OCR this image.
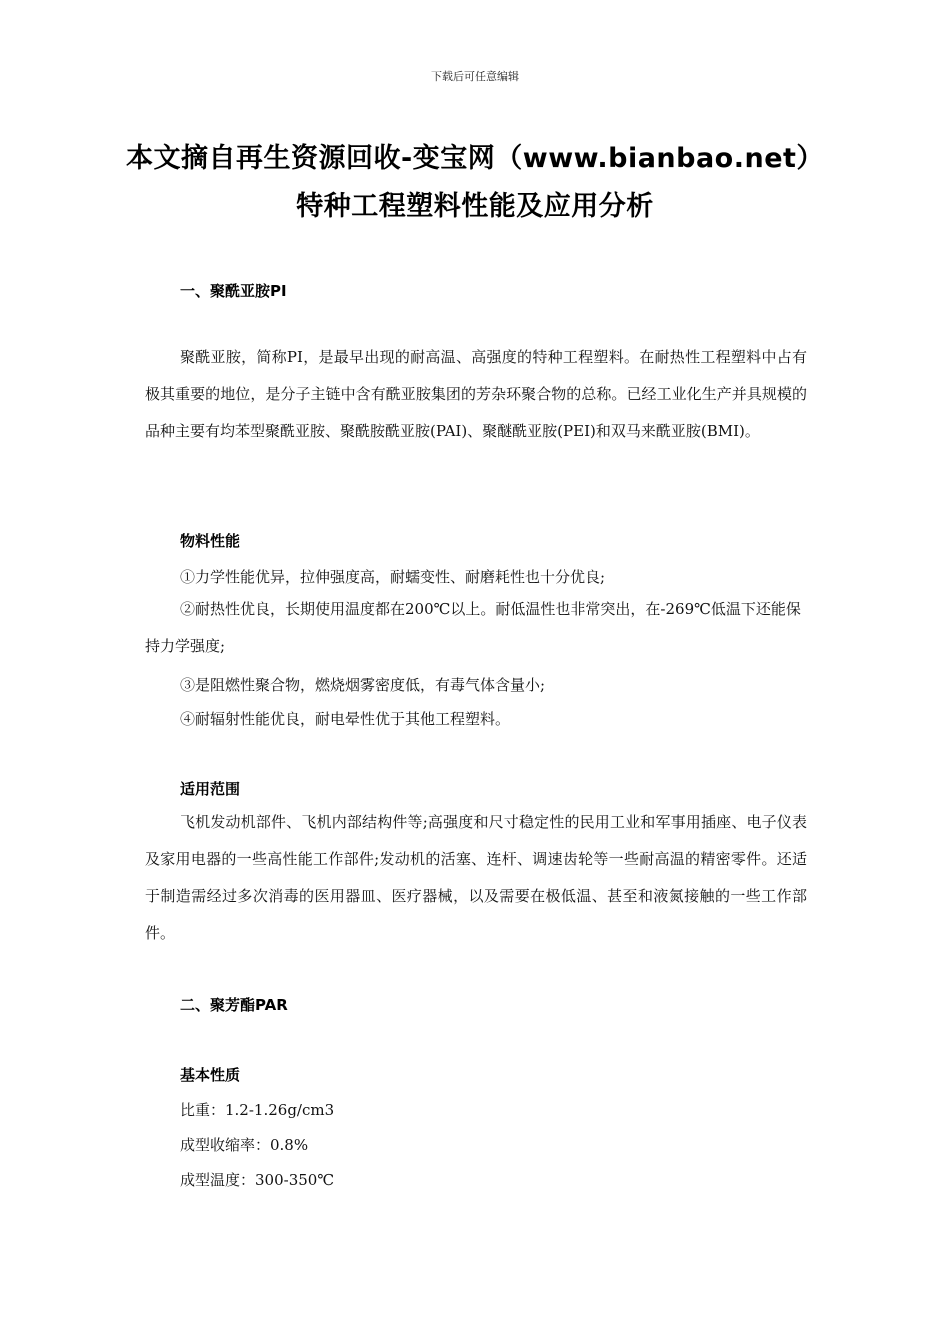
下载后可任意编辑
本文摘自再生资源回收-变宝网（www.bianbao.net）
特种工程塑料性能及应用分析
一、聚酰亚胺PI
聚酰亚胺，简称PI，是最早出现的耐高温、高强度的特种工程塑料。在耐热性工程塑料中占有极其重要的地位，是分子主链中含有酰亚胺集团的芳杂环聚合物的总称。已经工业化生产并具规模的品种主要有均苯型聚酰亚胺、聚酰胺酰亚胺(PAI)、聚醚酰亚胺(PEI)和双马来酰亚胺(BMI)。
物料性能
①力学性能优异，拉伸强度高，耐蠕变性、耐磨耗性也十分优良;
②耐热性优良，长期使用温度都在200℃以上。耐低温性也非常突出，在-269℃低温下还能保持力学强度;
③是阻燃性聚合物，燃烧烟雾密度低，有毒气体含量小;
④耐辐射性能优良，耐电晕性优于其他工程塑料。
适用范围
飞机发动机部件、飞机内部结构件等;高强度和尺寸稳定性的民用工业和军事用插座、电子仪表及家用电器的一些高性能工作部件;发动机的活塞、连杆、调速齿轮等一些耐高温的精密零件。还适于制造需经过多次消毒的医用器皿、医疗器械，以及需要在极低温、甚至和液氮接触的一些工作部件。
二、聚芳酯PAR
基本性质
比重：1.2-1.26g/cm3
成型收缩率：0.8%
成型温度：300-350℃
